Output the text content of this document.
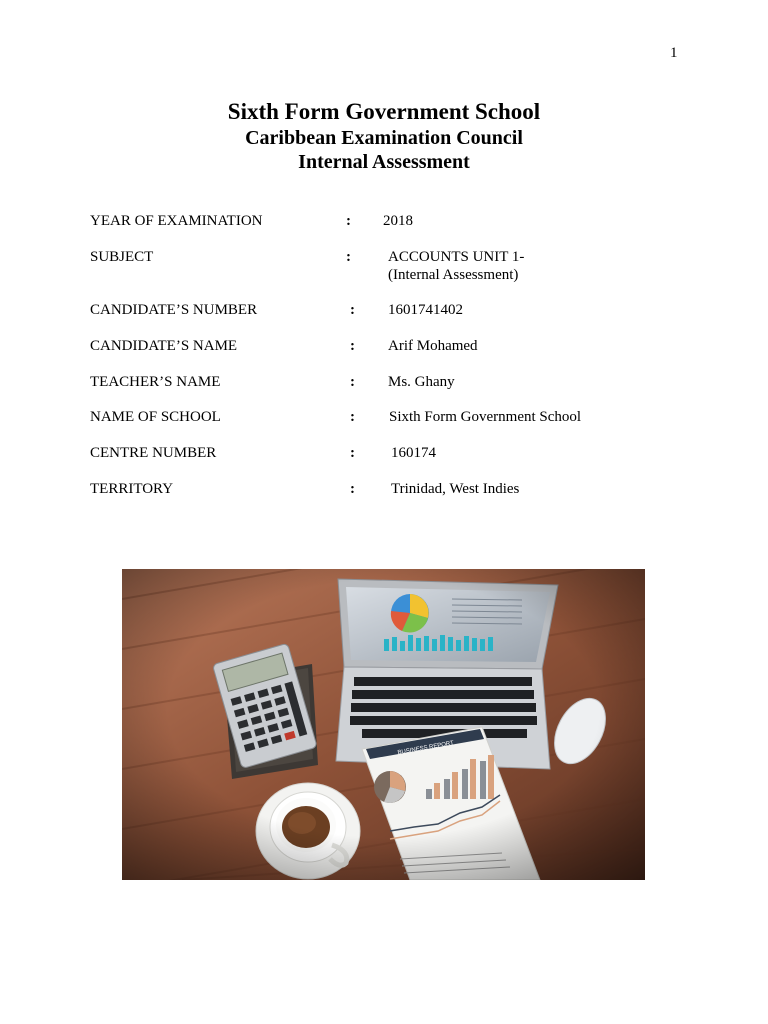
1
Sixth Form Government School
Caribbean Examination Council
Internal Assessment
YEAR OF EXAMINATION	: 2018
SUBJECT	: ACCOUNTS UNIT 1-
(Internal Assessment)
CANDIDATE’S NUMBER	: 1601741402
CANDIDATE’S NAME	: Arif Mohamed
TEACHER’S NAME	: Ms. Ghany
NAME OF SCHOOL	: Sixth Form Government School
CENTRE NUMBER	: 160174
TERRITORY	: Trinidad, West Indies
